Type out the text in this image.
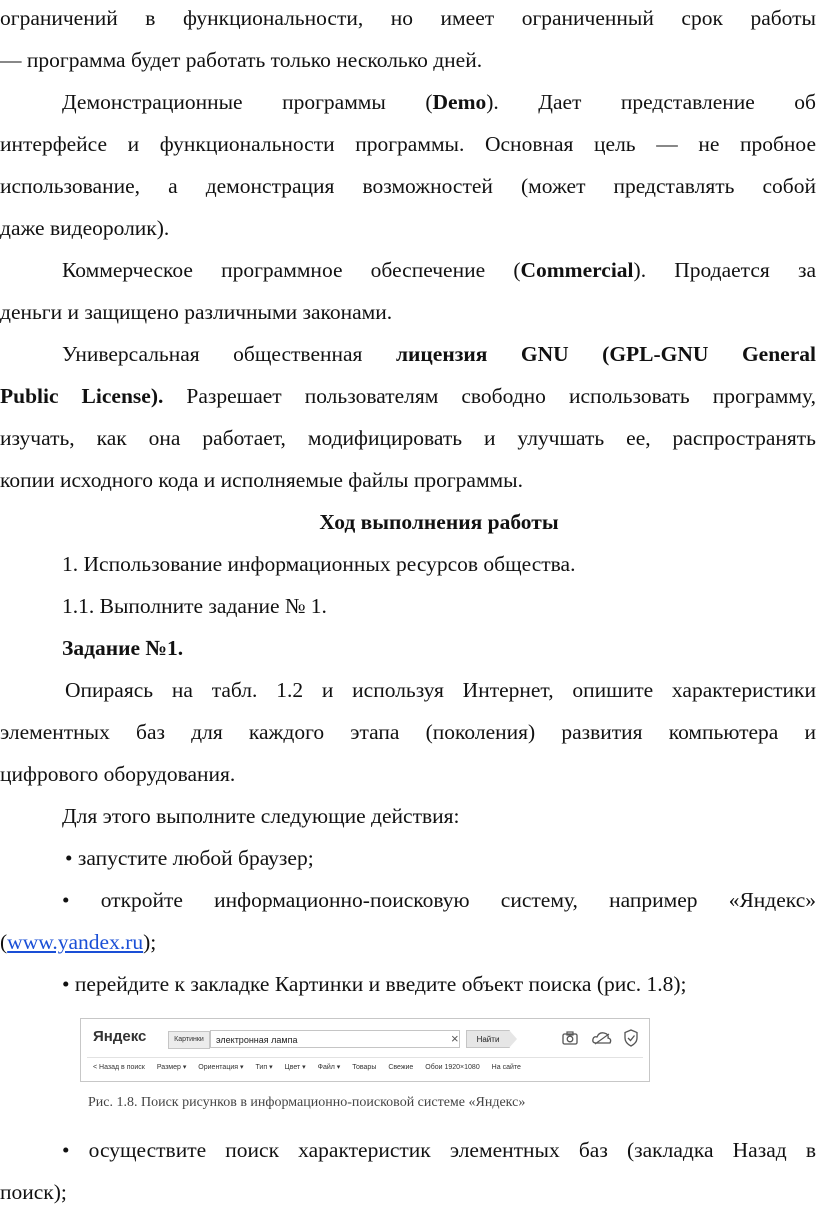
ограничений в функциональности, но имеет ограниченный срок работы
— программа будет работать только несколько дней.
Демонстрационные программы (Demo). Дает представление об
интерфейсе и функциональности программы. Основная цель — не пробное
использование, а демонстрация возможностей (может представлять собой
даже видеоролик).
Коммерческое программное обеспечение (Commercial). Продается за
деньги и защищено различными законами.
Универсальная общественная лицензия GNU (GPL-GNU General
Public License). Разрешает пользователям свободно использовать программу,
изучать, как она работает, модифицировать и улучшать ее, распространять
копии исходного кода и исполняемые файлы программы.
Ход выполнения работы
1. Использование информационных ресурсов общества.
1.1. Выполните задание № 1.
Задание №1.
Опираясь на табл. 1.2 и используя Интернет, опишите характеристики
элементных баз для каждого этапа (поколения) развития компьютера и
цифрового оборудования.
Для этого выполните следующие действия:
• запустите любой браузер;
• откройте информационно-поисковую систему, например «Яндекс»
(www.yandex.ru);
• перейдите к закладке Картинки и введите объект поиска (рис. 1.8);
Яндекс	Картинки	электронная лампа	×	Найти
< Назад в поиск Размер ▾ Ориентация ▾ Тип ▾ Цвет ▾ Файл ▾ Товары Свежие Обои 1920×1080 На сайте
Рис. 1.8. Поиск рисунков в информационно-поисковой системе «Яндекс»
• осуществите поиск характеристик элементных баз (закладка Назад в
поиск);
